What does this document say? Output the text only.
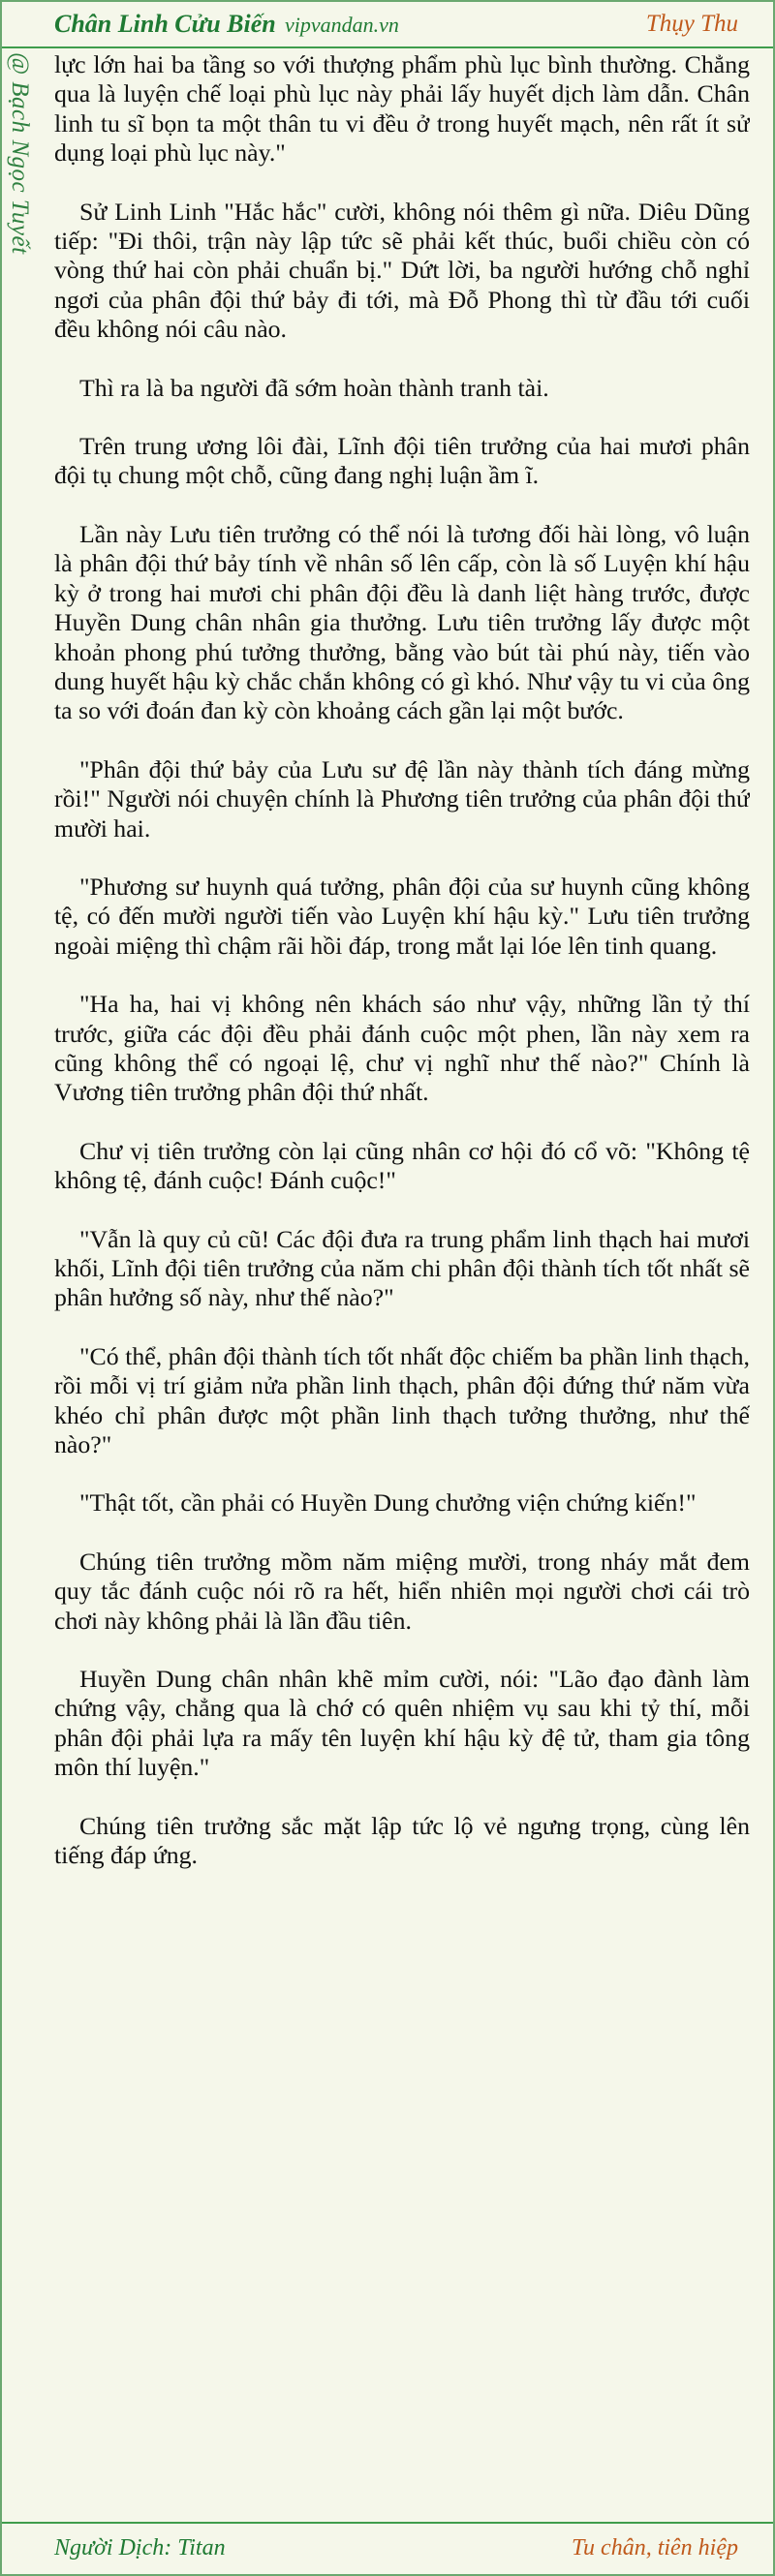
Chân Linh Cửu Biến vipvandan.vn	Thụy Thu
@ Bạch Ngọc Tuyết lực lớn hai ba tầng so với thượng phẩm phù lục bình thường. Chẳng qua là luyện chế loại phù lục này phải lấy huyết dịch làm dẫn. Chân linh tu sĩ bọn ta một thân tu vi đều ở trong huyết mạch, nên rất ít sử dụng loại phù lục này."

Sử Linh Linh "Hắc hắc" cười, không nói thêm gì nữa. Diêu Dũng tiếp: "Đi thôi, trận này lập tức sẽ phải kết thúc, buổi chiều còn có vòng thứ hai còn phải chuẩn bị." Dứt lời, ba người hướng chỗ nghỉ ngơi của phân đội thứ bảy đi tới, mà Đỗ Phong thì từ đầu tới cuối đều không nói câu nào.

Thì ra là ba người đã sớm hoàn thành tranh tài.

Trên trung ương lôi đài, Lĩnh đội tiên trưởng của hai mươi phân đội tụ chung một chỗ, cũng đang nghị luận ầm ĩ.

Lần này Lưu tiên trưởng có thể nói là tương đối hài lòng, vô luận là phân đội thứ bảy tính về nhân số lên cấp, còn là số Luyện khí hậu kỳ ở trong hai mươi chi phân đội đều là danh liệt hàng trước, được Huyền Dung chân nhân gia thưởng. Lưu tiên trưởng lấy được một khoản phong phú tưởng thưởng, bằng vào bút tài phú này, tiến vào dung huyết hậu kỳ chắc chắn không có gì khó. Như vậy tu vi của ông ta so với đoán đan kỳ còn khoảng cách gần lại một bước.

"Phân đội thứ bảy của Lưu sư đệ lần này thành tích đáng mừng rồi!" Người nói chuyện chính là Phương tiên trưởng của phân đội thứ mười hai.

"Phương sư huynh quá tưởng, phân đội của sư huynh cũng không tệ, có đến mười người tiến vào Luyện khí hậu kỳ." Lưu tiên trưởng ngoài miệng thì chậm rãi hồi đáp, trong mắt lại lóe lên tinh quang.

"Ha ha, hai vị không nên khách sáo như vậy, những lần tỷ thí trước, giữa các đội đều phải đánh cuộc một phen, lần này xem ra cũng không thể có ngoại lệ, chư vị nghĩ như thế nào?" Chính là Vương tiên trưởng phân đội thứ nhất.

Chư vị tiên trưởng còn lại cũng nhân cơ hội đó cổ võ: "Không tệ không tệ, đánh cuộc! Đánh cuộc!"

"Vẫn là quy củ cũ! Các đội đưa ra trung phẩm linh thạch hai mươi khối, Lĩnh đội tiên trưởng của năm chi phân đội thành tích tốt nhất sẽ phân hưởng số này, như thế nào?"

"Có thể, phân đội thành tích tốt nhất độc chiếm ba phần linh thạch, rồi mỗi vị trí giảm nửa phần linh thạch, phân đội đứng thứ năm vừa khéo chỉ phân được một phần linh thạch tưởng thưởng, như thế nào?"

"Thật tốt, cần phải có Huyền Dung chưởng viện chứng kiến!"

Chúng tiên trưởng mồm năm miệng mười, trong nháy mắt đem quy tắc đánh cuộc nói rõ ra hết, hiển nhiên mọi người chơi cái trò chơi này không phải là lần đầu tiên.

Huyền Dung chân nhân khẽ mỉm cười, nói: "Lão đạo đành làm chứng vậy, chẳng qua là chớ có quên nhiệm vụ sau khi tỷ thí, mỗi phân đội phải lựa ra mấy tên luyện khí hậu kỳ đệ tử, tham gia tông môn thí luyện."

Chúng tiên trưởng sắc mặt lập tức lộ vẻ ngưng trọng, cùng lên tiếng đáp ứng.

Người Dịch: Titan	Tu chân, tiên hiệp
